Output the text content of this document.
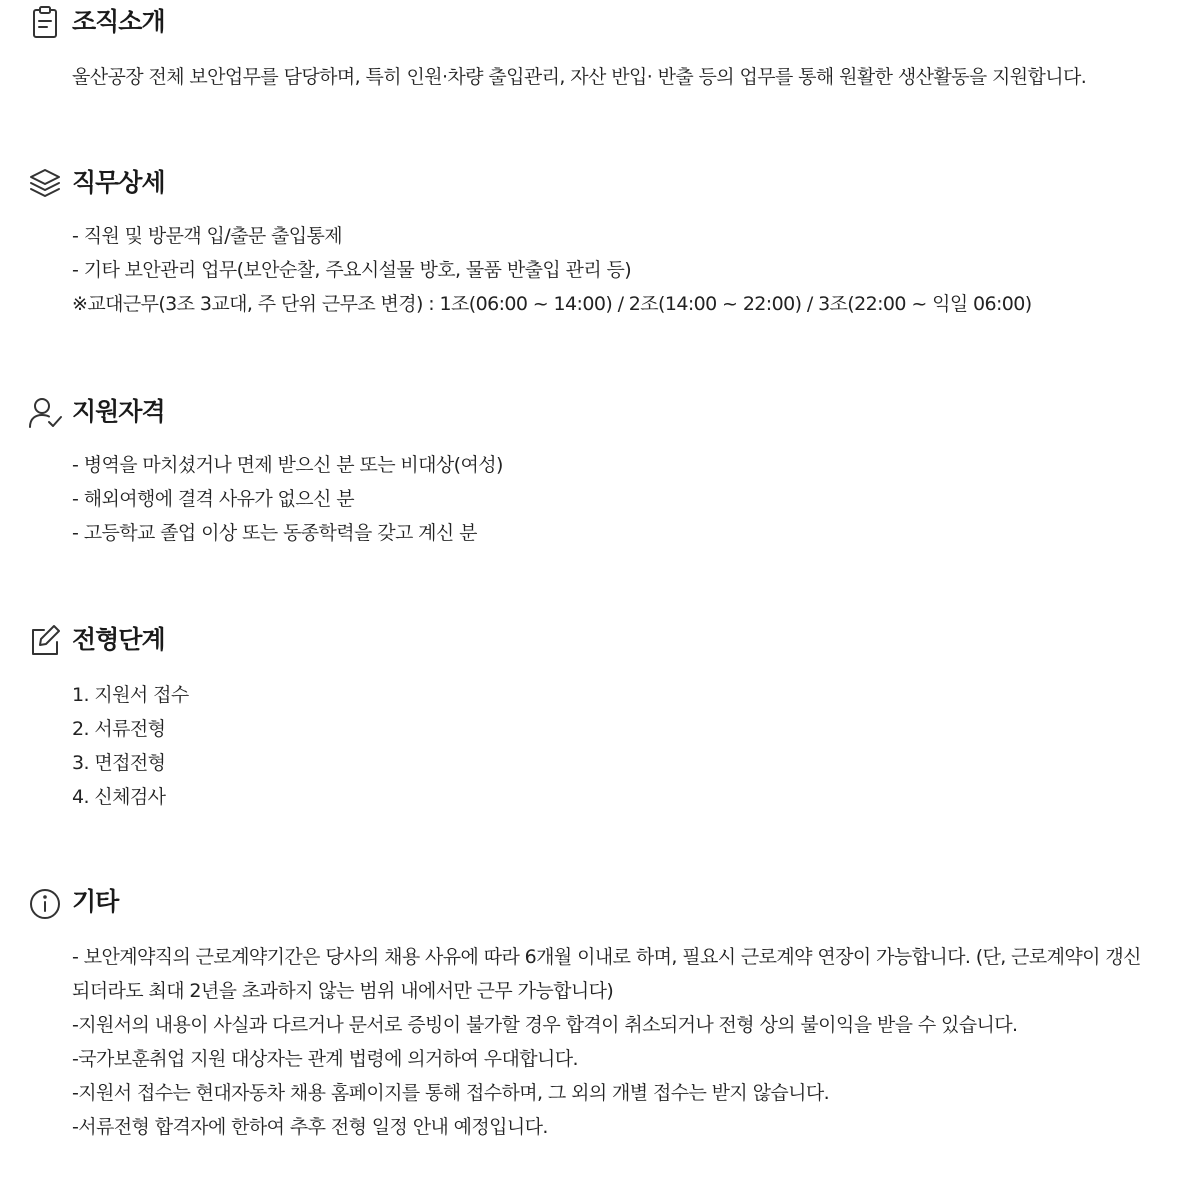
조직소개
울산공장 전체 보안업무를 담당하며, 특히 인원·차량 출입관리, 자산 반입· 반출 등의 업무를 통해 원활한 생산활동을 지원합니다.
직무상세
- 직원 및 방문객 입/출문 출입통제
- 기타 보안관리 업무(보안순찰, 주요시설물 방호, 물품 반출입 관리 등)
※교대근무(3조 3교대, 주 단위 근무조 변경) : 1조(06:00 ~ 14:00) / 2조(14:00 ~ 22:00) / 3조(22:00 ~ 익일 06:00)
지원자격
- 병역을 마치셨거나 면제 받으신 분 또는 비대상(여성)
- 해외여행에 결격 사유가 없으신 분
- 고등학교 졸업 이상 또는 동종학력을 갖고 계신 분
전형단계
1. 지원서 접수
2. 서류전형
3. 면접전형
4. 신체검사
기타
- 보안계약직의 근로계약기간은 당사의 채용 사유에 따라 6개월 이내로 하며, 필요시 근로계약 연장이 가능합니다. (단, 근로계약이 갱신되더라도 최대 2년을 초과하지 않는 범위 내에서만 근무 가능합니다)
-지원서의 내용이 사실과 다르거나 문서로 증빙이 불가할 경우 합격이 취소되거나 전형 상의 불이익을 받을 수 있습니다.
-국가보훈취업 지원 대상자는 관계 법령에 의거하여 우대합니다.
-지원서 접수는 현대자동차 채용 홈페이지를 통해 접수하며, 그 외의 개별 접수는 받지 않습니다.
-서류전형 합격자에 한하여 추후 전형 일정 안내 예정입니다.
